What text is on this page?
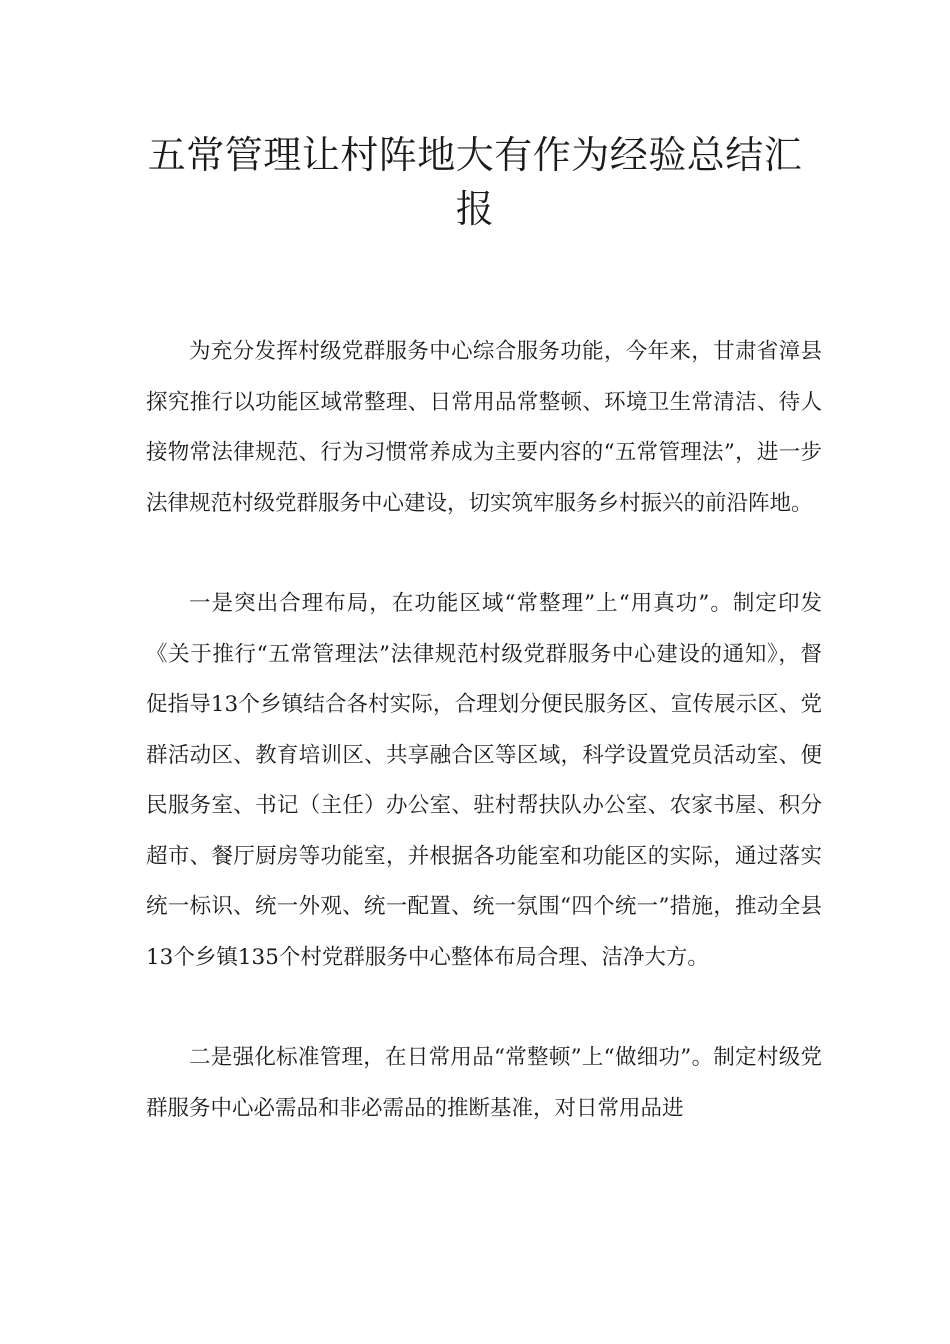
五常管理让村阵地大有作为经验总结汇
报

为充分发挥村级党群服务中心综合服务功能，今年来，甘肃省漳县探究推行以功能区域常整理、日常用品常整顿、环境卫生常清洁、待人接物常法律规范、行为习惯常养成为主要内容的“五常管理法”，进一步法律规范村级党群服务中心建设，切实筑牢服务乡村振兴的前沿阵地。

一是突出合理布局，在功能区域“常整理”上“用真功”。制定印发《关于推行“五常管理法”法律规范村级党群服务中心建设的通知》，督促指导13个乡镇结合各村实际，合理划分便民服务区、宣传展示区、党群活动区、教育培训区、共享融合区等区域，科学设置党员活动室、便民服务室、书记（主任）办公室、驻村帮扶队办公室、农家书屋、积分超市、餐厅厨房等功能室，并根据各功能室和功能区的实际，通过落实统一标识、统一外观、统一配置、统一氛围“四个统一”措施，推动全县13个乡镇135个村党群服务中心整体布局合理、洁净大方。

二是强化标准管理，在日常用品“常整顿”上“做细功”。制定村级党群服务中心必需品和非必需品的推断基准，对日常用品进
